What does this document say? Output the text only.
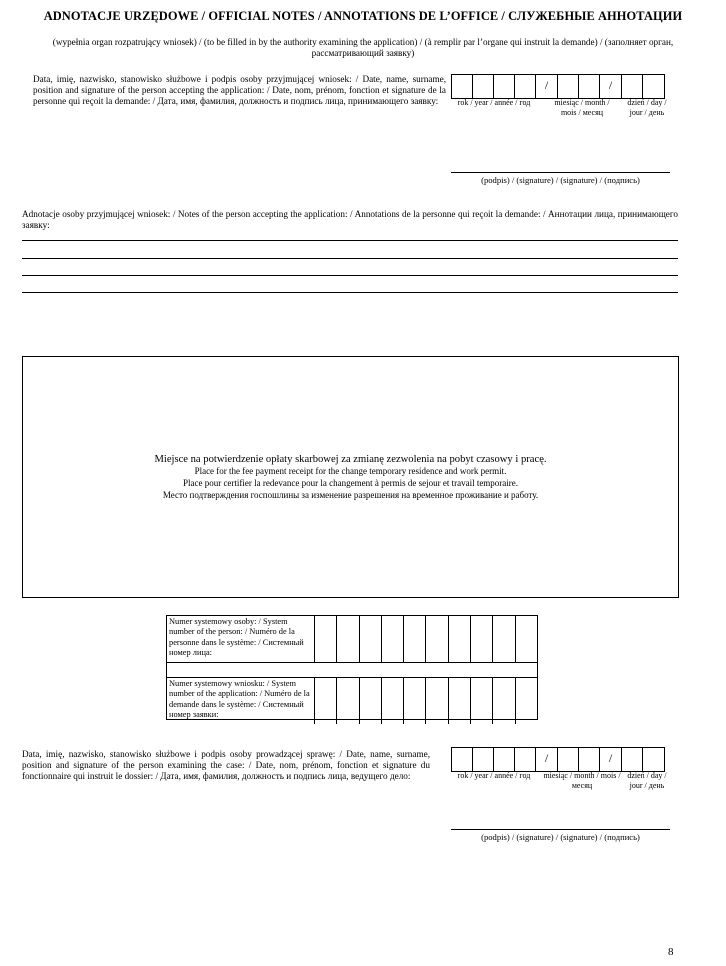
ADNOTACJE URZĘDOWE / OFFICIAL NOTES / ANNOTATIONS DE L’OFFICE / СЛУЖЕБНЫЕ АННОТАЦИИ
(wypełnia organ rozpatrujący wniosek) / (to be filled in by the authority examining the application) / (à remplir par l’organe qui instruit la demande) / (заполняет орган, рассматривающий заявку)
Data, imię, nazwisko, stanowisko służbowe i podpis osoby przyjmującej wniosek: / Date, name, surname, position and signature of the person accepting the application: / Date, nom, prénom, fonction et signature de la personne qui reçoit la demande: / Дата, имя, фамилия, должность и подпись лица, принимающего заявку:
/	/
rok / year / année / год	miesiąc / month / mois / месяц
dzień / day / jour / день
(podpis) / (signature) / (signature) / (подпись)
Adnotacje osoby przyjmującej wniosek: / Notes of the person accepting the application: / Annotations de la personne qui reçoit la demande: / Аннотации лица, принимающего заявку:
Miejsce na potwierdzenie opłaty skarbowej za zmianę zezwolenia na pobyt czasowy i pracę.
Place for the fee payment receipt for the change temporary residence and work permit.
Place pour certifier la redevance pour la changement à permis de sejour et travail temporaire.
Место подтверждения госпошлины за изменение разрешения на временное проживание и работу.
Numer systemowy osoby: / System number of the person: / Numéro de la personne dans le système: / Системный номер лица:
Numer systemowy wniosku: / System number of the application: / Numéro de la demande dans le système: / Системный номер заявки:
Data, imię, nazwisko, stanowisko służbowe i podpis osoby prowadzącej sprawę: / Date, name, surname, position and signature of the person examining the case: / Date, nom, prénom, fonction et signature du fonctionnaire qui instruit le dossier: / Дата, имя, фамилия, должность и подпись лица, ведущего дело:
/	/
rok / year / année / год	miesiąc / month / mois / месяц
dzień / day / jour / день
(podpis) / (signature) / (signature) / (подпись)
8
